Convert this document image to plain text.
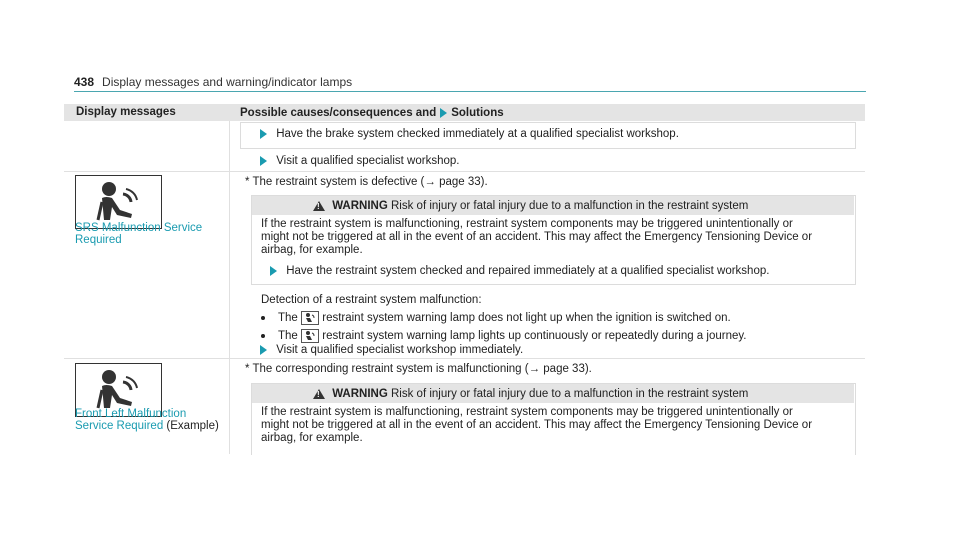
438 Display messages and warning/indicator lamps
Display messages	Possible causes/consequences and Solutions
Have the brake system checked immediately at a qualified specialist workshop.
Visit a qualified specialist workshop.
SRS Malfunction Service
Required
* The restraint system is defective (→ page 33).
! WARNING Risk of injury or fatal injury due to a malfunction in the restraint system
If the restraint system is malfunctioning, restraint system components may be triggered unintentionally or
might not be triggered at all in the event of an accident. This may affect the Emergency Tensioning Device or
airbag, for example.
Have the restraint system checked and repaired immediately at a qualified specialist workshop.
Detection of a restraint system malfunction:
The restraint system warning lamp does not light up when the ignition is switched on.
The restraint system warning lamp lights up continuously or repeatedly during a journey.
Visit a qualified specialist workshop immediately.
Front Left Malfunction
Service Required (Example)
* The corresponding restraint system is malfunctioning (→ page 33).
! WARNING Risk of injury or fatal injury due to a malfunction in the restraint system
If the restraint system is malfunctioning, restraint system components may be triggered unintentionally or
might not be triggered at all in the event of an accident. This may affect the Emergency Tensioning Device or
airbag, for example.
